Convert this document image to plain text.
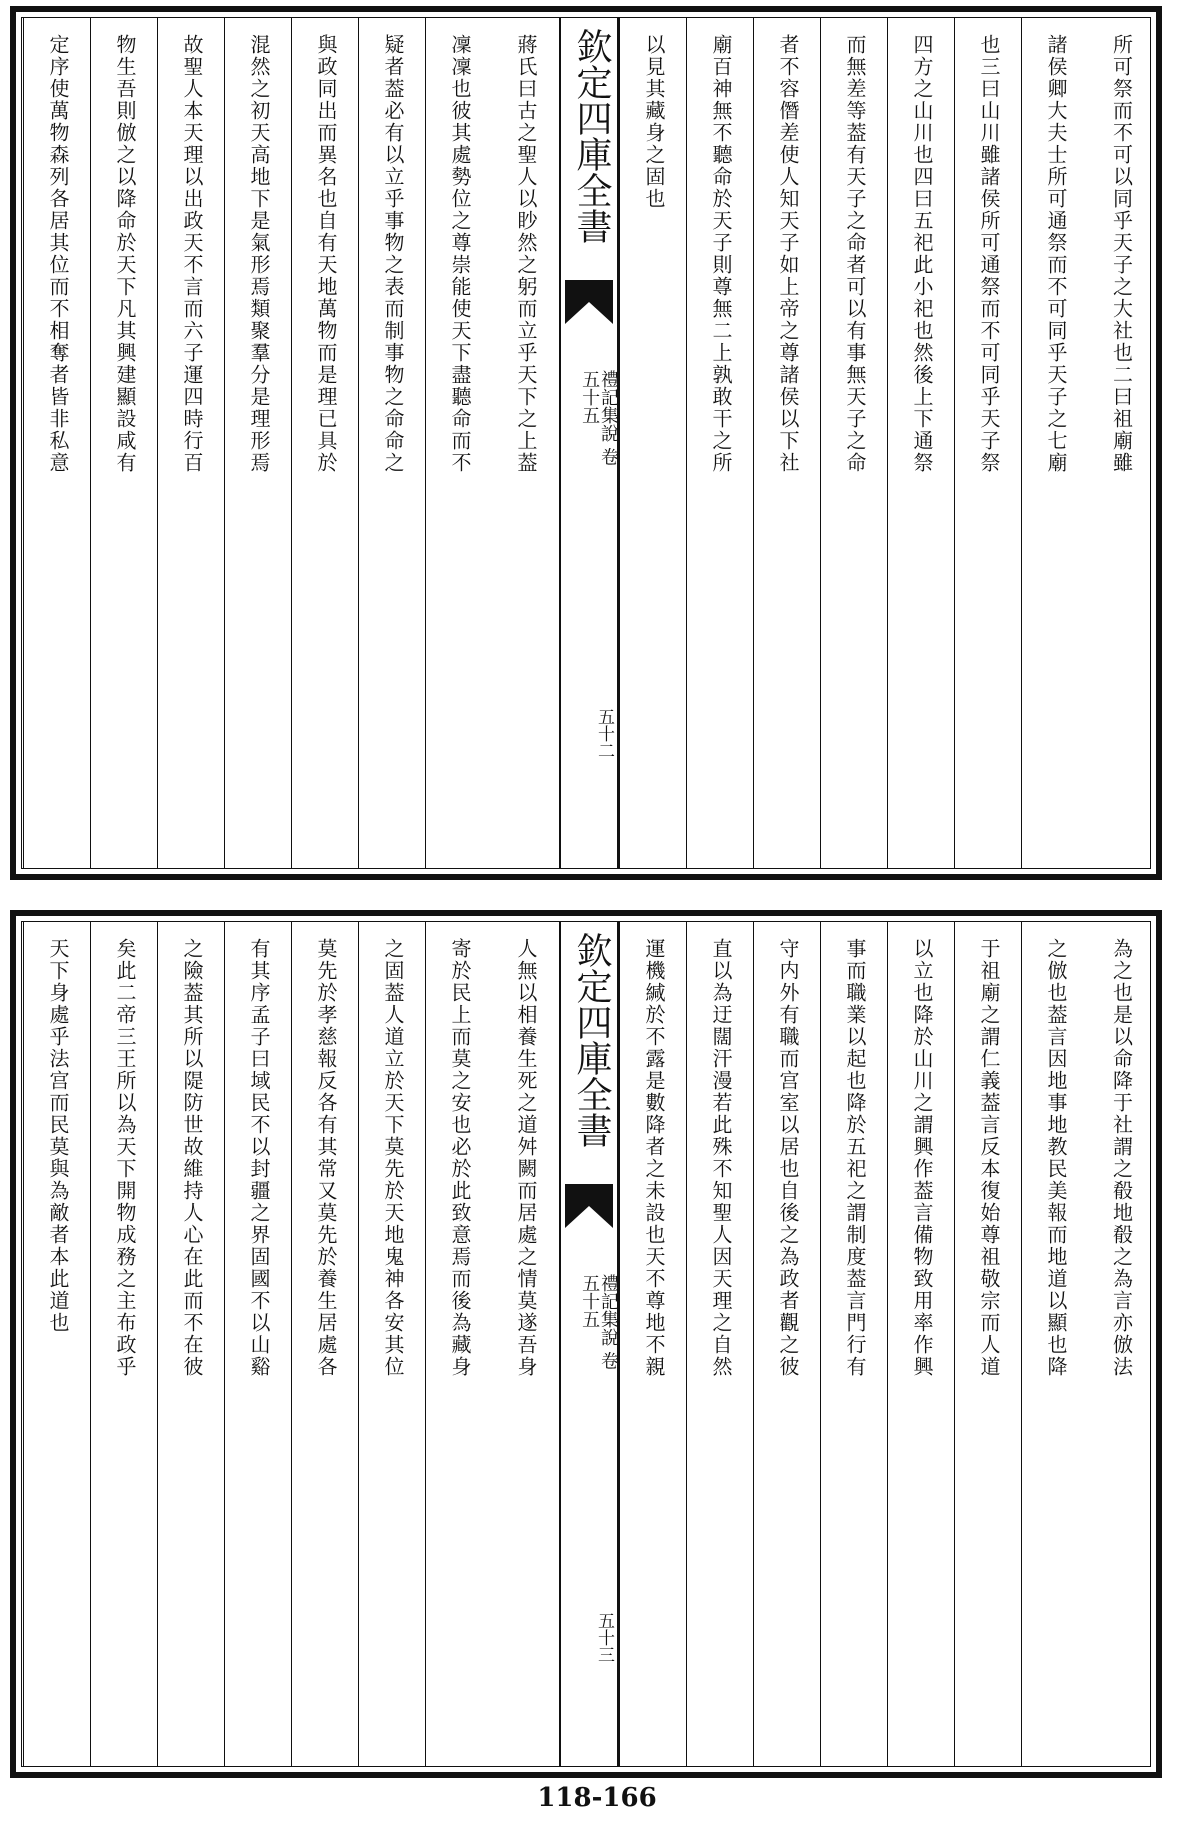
所可祭而不可以同乎天子之大社也二曰祖廟雖
諸侯卿大夫士所可通祭而不可同乎天子之七廟
也三曰山川雖諸侯所可通祭而不可同乎天子祭
四方之山川也四曰五祀此小祀也然後上下通祭
而無差等葢有天子之命者可以有事無天子之命
者不容僭差使人知天子如上帝之尊諸侯以下社
廟百神無不聽命於天子則尊無二上孰敢干之所
以見其藏身之固也
欽定四庫全書
禮記集說 卷五十五
五十二
蔣氏曰古之聖人以眇然之躬而立乎天下之上葢
凜凜也彼其處勢位之尊崇能使天下盡聽命而不
疑者葢必有以立乎事物之表而制事物之命命之
與政同出而異名也自有天地萬物而是理已具於
混然之初天高地下是氣形焉類聚羣分是理形焉
故聖人本天理以出政天不言而六子運四時行百
物生吾則倣之以降命於天下凡其興建顯設咸有
定序使萬物森列各居其位而不相奪者皆非私意
為之也是以命降于社謂之殽地殽之為言亦倣法
之倣也葢言因地事地教民美報而地道以顯也降
于祖廟之謂仁義葢言反本復始尊祖敬宗而人道
以立也降於山川之謂興作葢言備物致用率作興
事而職業以起也降於五祀之謂制度葢言門行有
守内外有職而宫室以居也自後之為政者觀之彼
直以為迂闊汗漫若此殊不知聖人因天理之自然
運機緘於不露是數降者之未設也天不尊地不親
欽定四庫全書
禮記集說 卷五十五
五十三
人無以相養生死之道舛闕而居處之情莫遂吾身
寄於民上而莫之安也必於此致意焉而後為藏身
之固葢人道立於天下莫先於天地鬼神各安其位
莫先於孝慈報反各有其常又莫先於養生居處各
有其序孟子曰域民不以封疆之界固國不以山谿
之險葢其所以隄防世故維持人心在此而不在彼
矣此二帝三王所以為天下開物成務之主布政乎
天下身處乎法宫而民莫與為敵者本此道也
118-166
